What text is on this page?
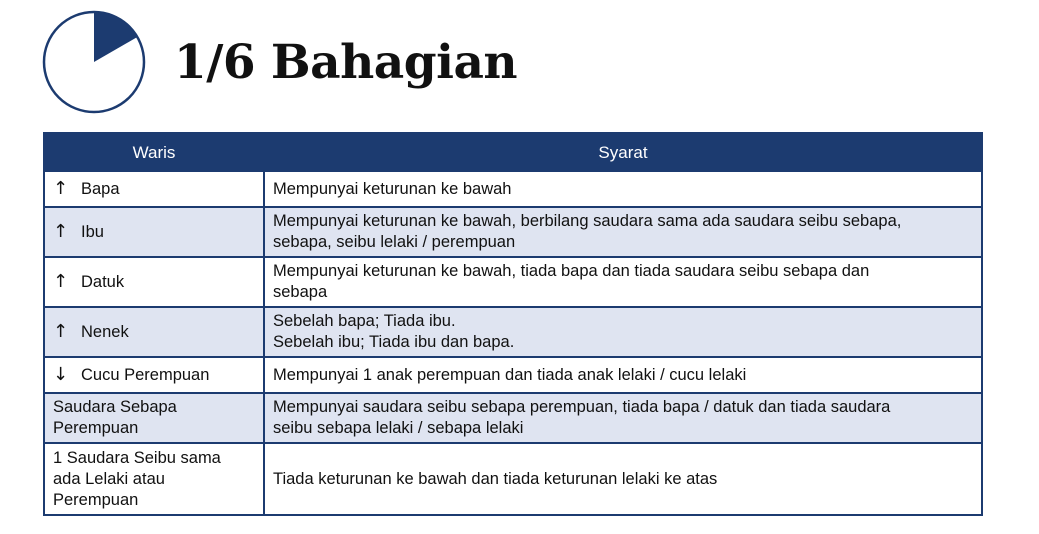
1/6 Bahagian
Waris	Syarat
↑ Bapa	Mempunyai keturunan ke bawah

↑ Ibu	Mempunyai keturunan ke bawah, berbilang saudara sama ada saudara seibu sebapa,
sebapa, seibu lelaki / perempuan

↑ Datuk	Mempunyai keturunan ke bawah, tiada bapa dan tiada saudara seibu sebapa dan
sebapa

↑ Nenek	Sebelah bapa; Tiada ibu.
Sebelah ibu; Tiada ibu dan bapa.

↓ Cucu Perempuan	Mempunyai 1 anak perempuan dan tiada anak lelaki / cucu lelaki

Saudara Sebapa
Perempuan	Mempunyai saudara seibu sebapa perempuan, tiada bapa / datuk dan tiada saudara
seibu sebapa lelaki / sebapa lelaki

1 Saudara Seibu sama
ada Lelaki atau
Perempuan	Tiada keturunan ke bawah dan tiada keturunan lelaki ke atas
